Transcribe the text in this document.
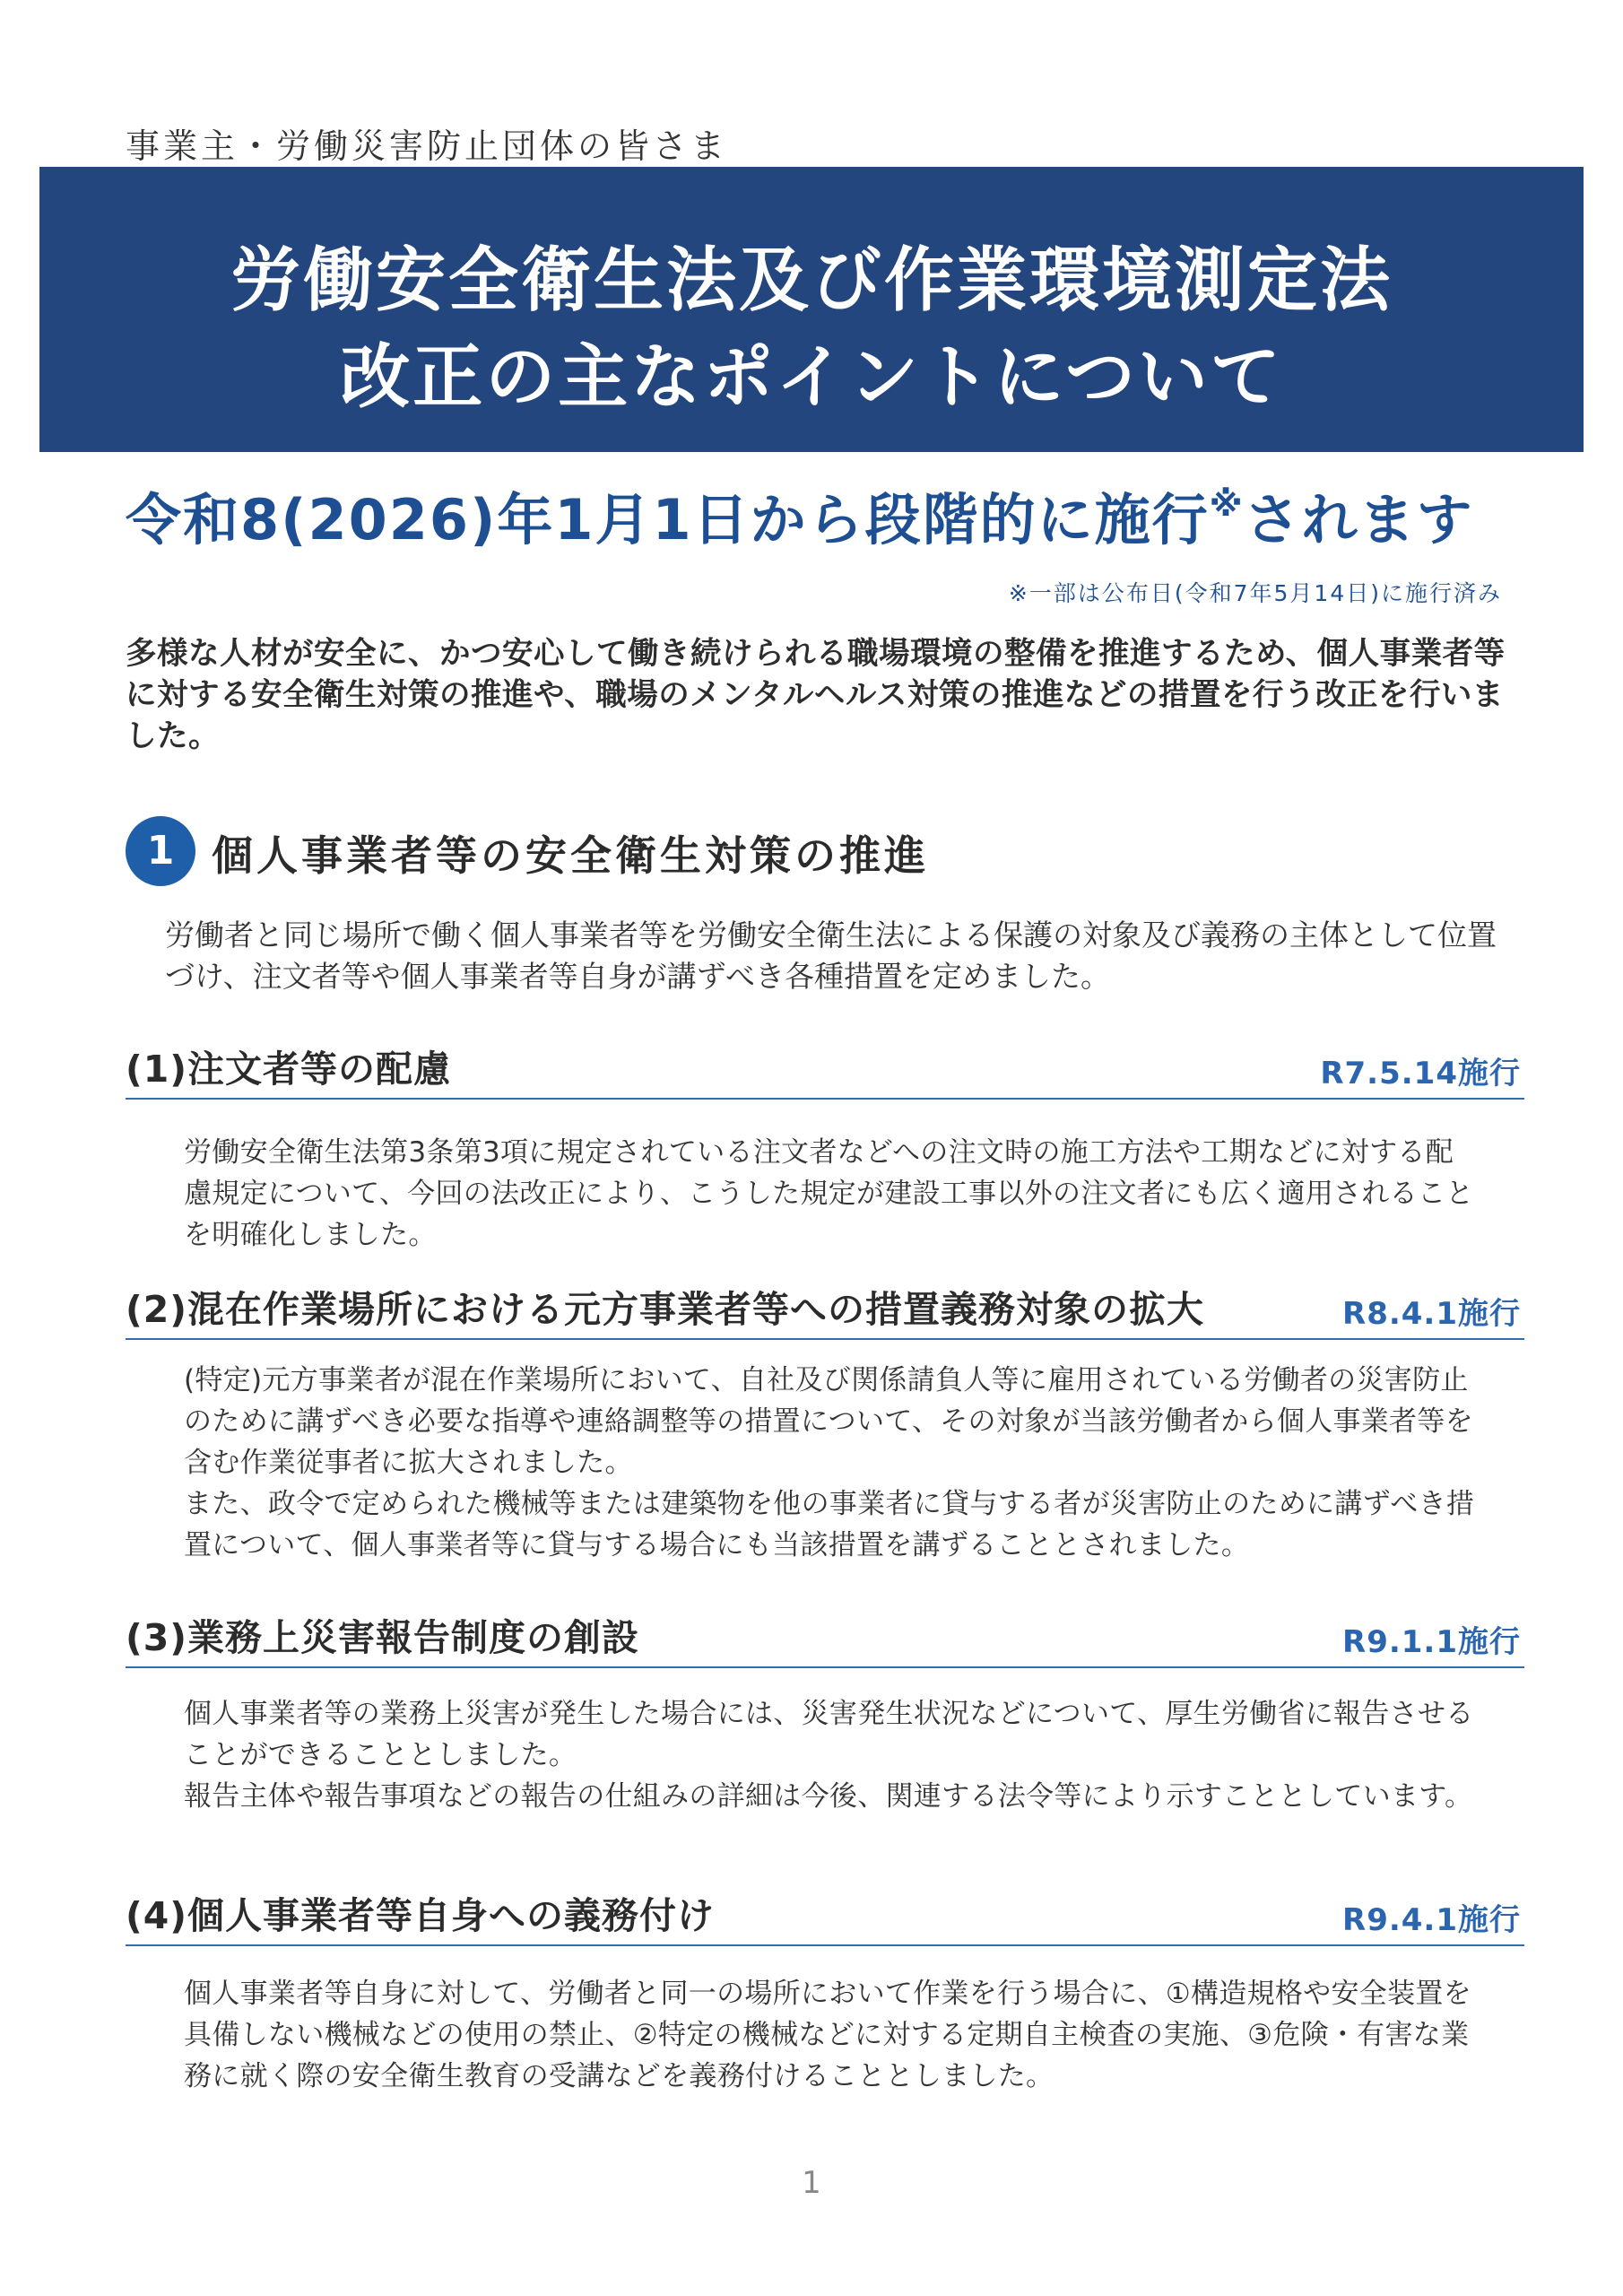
事業主・労働災害防止団体の皆さま
労働安全衛生法及び作業環境測定法
改正の主なポイントについて
令和8(2026)年1月1日から段階的に施行※されます
※一部は公布日(令和7年5月14日)に施行済み
多様な人材が安全に、かつ安心して働き続けられる職場環境の整備を推進するため、個人事業者等に対する安全衛生対策の推進や、職場のメンタルヘルス対策の推進などの措置を行う改正を行いました。
1 個人事業者等の安全衛生対策の推進
労働者と同じ場所で働く個人事業者等を労働安全衛生法による保護の対象及び義務の主体として位置づけ、注文者等や個人事業者等自身が講ずべき各種措置を定めました。
(1)注文者等の配慮	R7.5.14施行

労働安全衛生法第3条第3項に規定されている注文者などへの注文時の施工方法や工期などに対する配慮規定について、今回の法改正により、こうした規定が建設工事以外の注文者にも広く適用されることを明確化しました。

(2)混在作業場所における元方事業者等への措置義務対象の拡大	R8.4.1施行

(特定)元方事業者が混在作業場所において、自社及び関係請負人等に雇用されている労働者の災害防止のために講ずべき必要な指導や連絡調整等の措置について、その対象が当該労働者から個人事業者等を含む作業従事者に拡大されました。

また、政令で定められた機械等または建築物を他の事業者に貸与する者が災害防止のために講ずべき措置について、個人事業者等に貸与する場合にも当該措置を講ずることとされました。

(3)業務上災害報告制度の創設	R9.1.1施行

個人事業者等の業務上災害が発生した場合には、災害発生状況などについて、厚生労働省に報告させることができることとしました。

報告主体や報告事項などの報告の仕組みの詳細は今後、関連する法令等により示すこととしています。

(4)個人事業者等自身への義務付け	R9.4.1施行

個人事業者等自身に対して、労働者と同一の場所において作業を行う場合に、①構造規格や安全装置を具備しない機械などの使用の禁止、②特定の機械などに対する定期自主検査の実施、③危険・有害な業務に就く際の安全衛生教育の受講などを義務付けることとしました。

1
